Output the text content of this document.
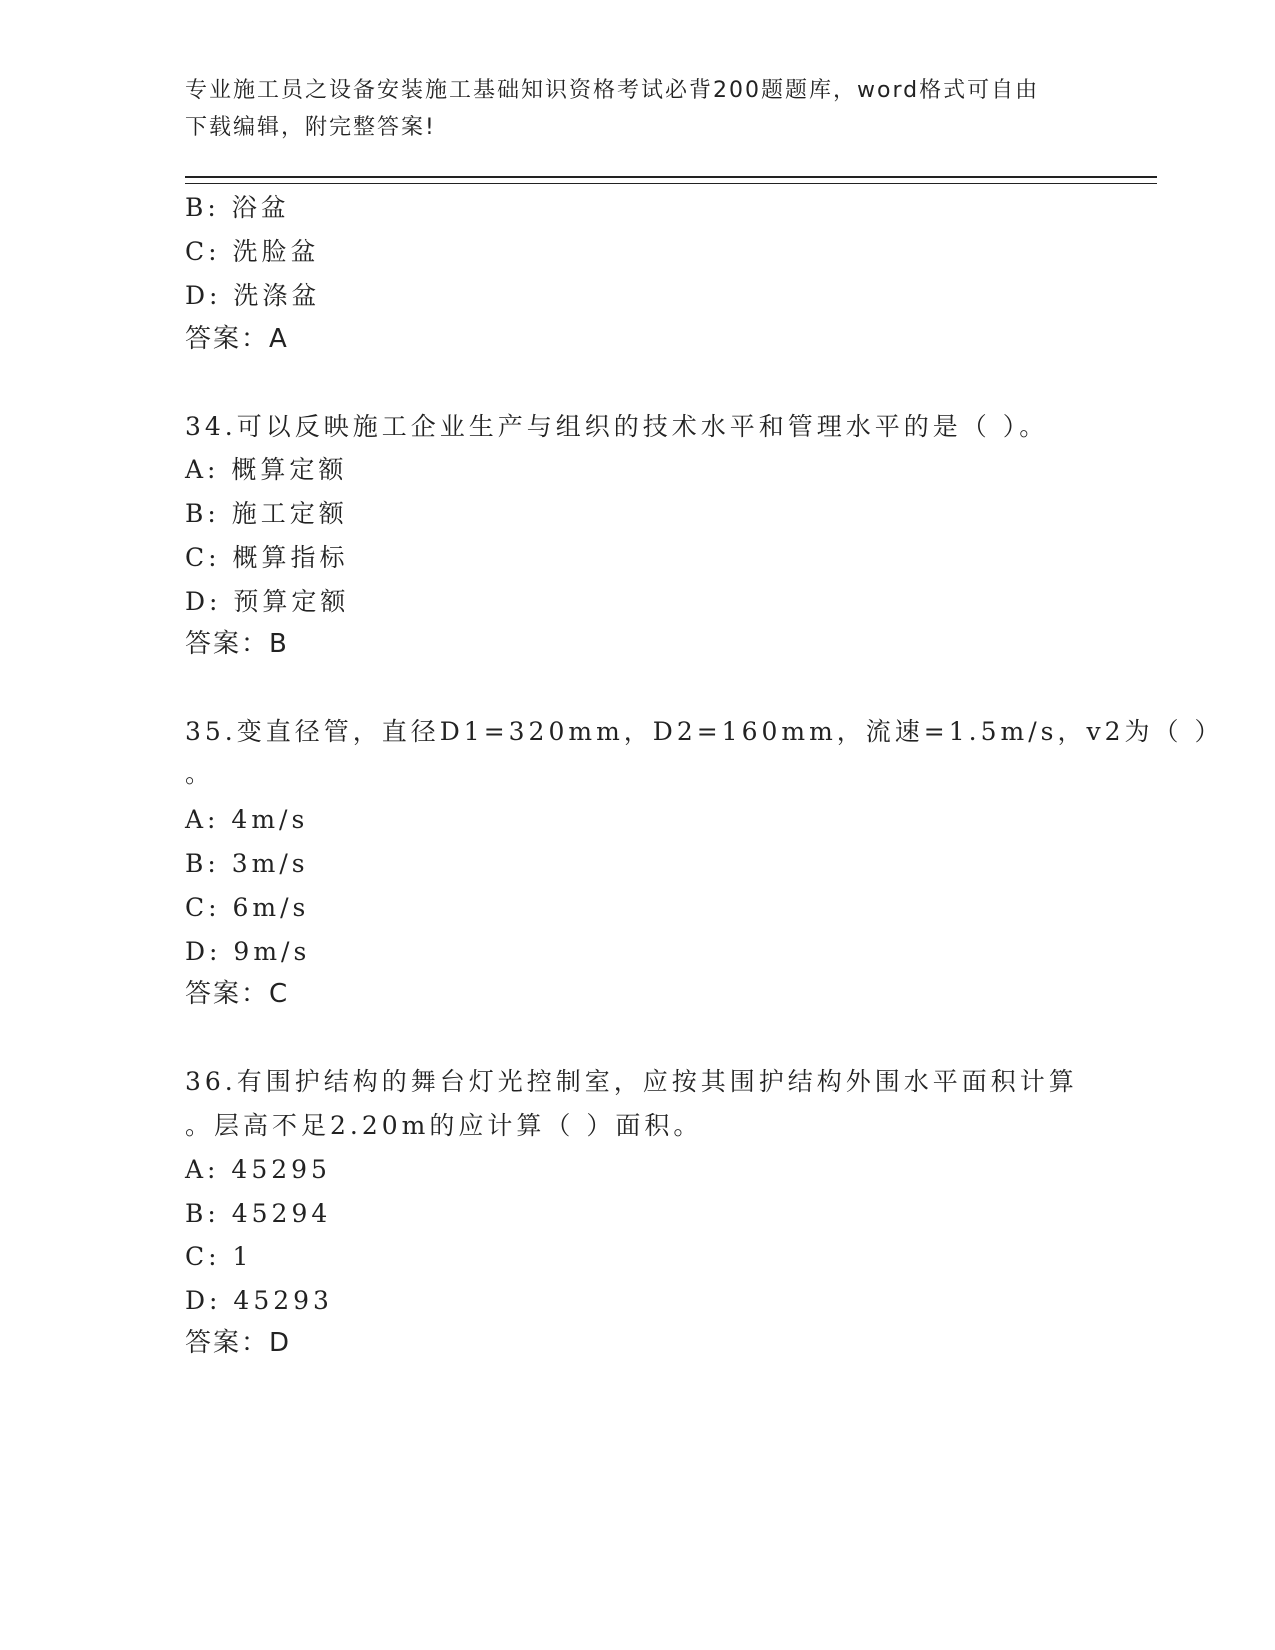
专业施工员之设备安装施工基础知识资格考试必背200题题库，word格式可自由
下载编辑，附完整答案!
B: 浴盆
C: 洗脸盆
D: 洗涤盆
答案：A
34.可以反映施工企业生产与组织的技术水平和管理水平的是（ ）。
A: 概算定额
B: 施工定额
C: 概算指标
D: 预算定额
答案：B
35.变直径管，直径D1=320mm，D2=160mm，流速=1.5m/s，v2为（ ）
。
A: 4m/s
B: 3m/s
C: 6m/s
D: 9m/s
答案：C
36.有围护结构的舞台灯光控制室，应按其围护结构外围水平面积计算
。层高不足2.20m的应计算（ ）面积。
A: 45295
B: 45294
C: 1
D: 45293
答案：D
